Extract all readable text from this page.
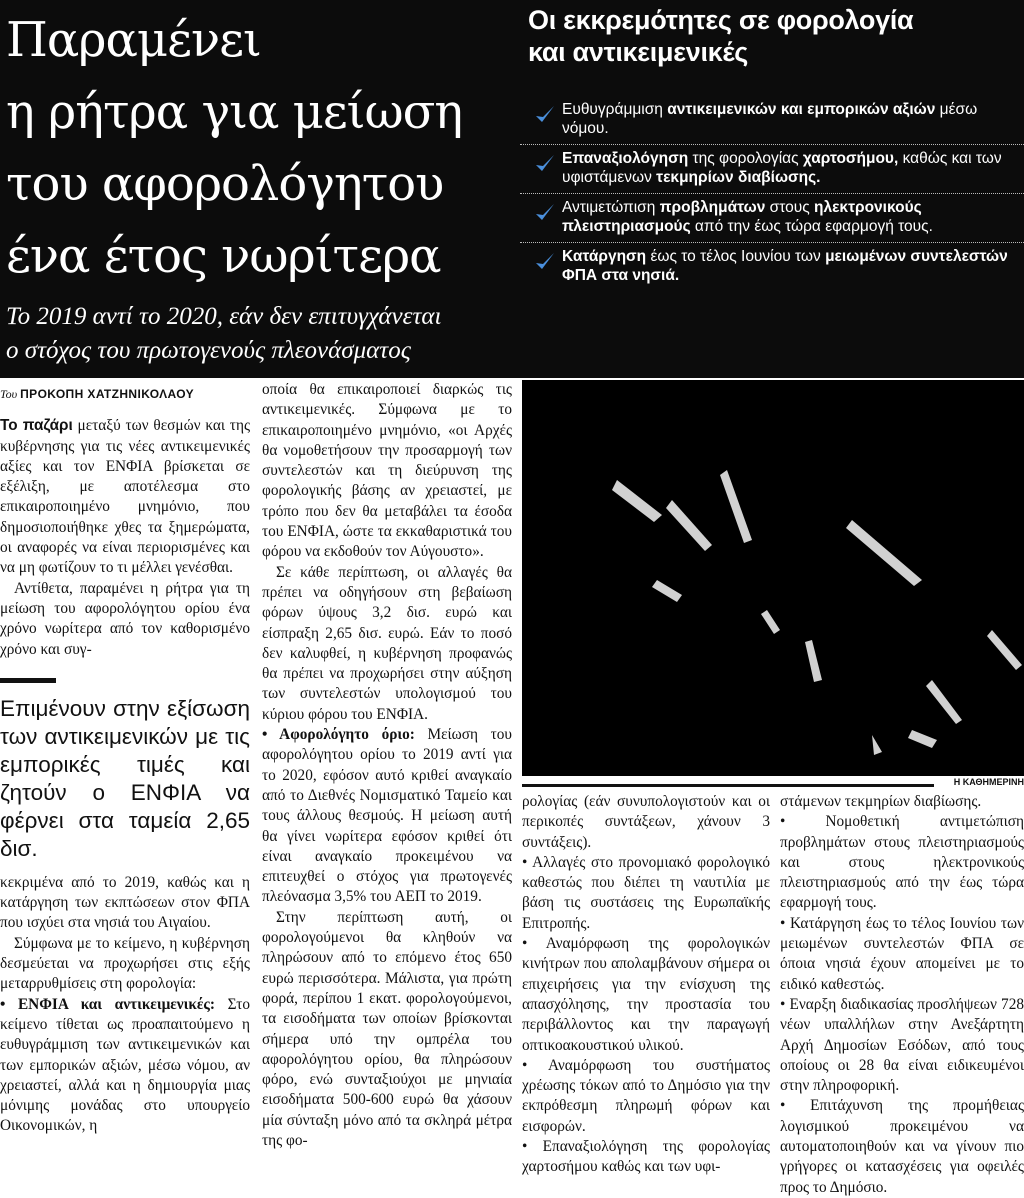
Παραμένει
η ρήτρα για μείωση
του αφορολόγητου
ένα έτος νωρίτερα
Το 2019 αντί το 2020, εάν δεν επιτυγχάνεται
ο στόχος του πρωτογενούς πλεονάσματος
Οι εκκρεμότητες σε φορολογία
και αντικειμενικές
Ευθυγράμμιση αντικειμενικών και εμπορικών αξιών μέσω νόμου.
Επαναξιολόγηση της φορολογίας χαρτοσήμου, καθώς και των υφιστάμενων τεκμηρίων διαβίωσης.
Αντιμετώπιση προβλημάτων στους ηλεκτρονικούς πλειστηριασμούς από την έως τώρα εφαρμογή τους.
Κατάργηση έως το τέλος Ιουνίου των μειωμένων συντελεστών ΦΠΑ στα νησιά.
Του ΠΡΟΚΟΠΗ ΧΑΤΖΗΝΙΚΟΛΑΟΥ

Το παζάρι μεταξύ των θεσμών και της κυβέρνησης για τις νέες αντικειμενικές αξίες και τον ΕΝΦΙΑ βρίσκεται σε εξέλιξη, με αποτέλεσμα στο επικαιροποιημένο μνημόνιο, που δημοσιοποιήθηκε χθες τα ξημερώματα, οι αναφορές να είναι περιορισμένες και να μη φωτίζουν το τι μέλλει γενέσθαι.

Αντίθετα, παραμένει η ρήτρα για τη μείωση του αφορολόγητου ορίου ένα χρόνο νωρίτερα από τον καθορισμένο χρόνο και συγ-

Επιμένουν στην εξίσωση των αντικειμενικών με τις εμπορικές τιμές και ζητούν ο ΕΝΦΙΑ να φέρνει στα ταμεία 2,65 δισ.

κεκριμένα από το 2019, καθώς και η κατάργηση των εκπτώσεων στον ΦΠΑ που ισχύει στα νησιά του Αιγαίου.

Σύμφωνα με το κείμενο, η κυβέρνηση δεσμεύεται να προχωρήσει στις εξής μεταρρυθμίσεις στη φορολογία:

• ΕΝΦΙΑ και αντικειμενικές: Στο κείμενο τίθεται ως προαπαιτούμενο η ευθυγράμμιση των αντικειμενικών και των εμπορικών αξιών, μέσω νόμου, αν χρειαστεί, αλλά και η δημιουργία μιας μόνιμης μονάδας στο υπουργείο Οικονομικών, η

οποία θα επικαιροποιεί διαρκώς τις αντικειμενικές. Σύμφωνα με το επικαιροποιημένο μνημόνιο, «οι Αρχές θα νομοθετήσουν την προσαρμογή των συντελεστών και τη διεύρυνση της φορολογικής βάσης αν χρειαστεί, με τρόπο που δεν θα μεταβάλει τα έσοδα του ΕΝΦΙΑ, ώστε τα εκκαθαριστικά του φόρου να εκδοθούν τον Αύγουστο».

Σε κάθε περίπτωση, οι αλλαγές θα πρέπει να οδηγήσουν στη βεβαίωση φόρων ύψους 3,2 δισ. ευρώ και είσπραξη 2,65 δισ. ευρώ. Εάν το ποσό δεν καλυφθεί, η κυβέρνηση προφανώς θα πρέπει να προχωρήσει στην αύξηση των συντελεστών υπολογισμού του κύριου φόρου του ΕΝΦΙΑ.

• Αφορολόγητο όριο: Μείωση του αφορολόγητου ορίου το 2019 αντί για το 2020, εφόσον αυτό κριθεί αναγκαίο από το Διεθνές Νομισματικό Ταμείο και τους άλλους θεσμούς. Η μείωση αυτή θα γίνει νωρίτερα εφόσον κριθεί ότι είναι αναγκαίο προκειμένου να επιτευχθεί ο στόχος για πρωτογενές πλεόνασμα 3,5% του ΑΕΠ το 2019.

Στην περίπτωση αυτή, οι φορολογούμενοι θα κληθούν να πληρώσουν από το επόμενο έτος 650 ευρώ περισσότερα. Μάλιστα, για πρώτη φορά, περίπου 1 εκατ. φορολογούμενοι, τα εισοδήματα των οποίων βρίσκονται σήμερα υπό την ομπρέλα του αφορολόγητου ορίου, θα πληρώσουν φόρο, ενώ συνταξιούχοι με μηνιαία εισοδήματα 500-600 ευρώ θα χάσουν μία σύνταξη μόνο από τα σκληρά μέτρα της φο-

ρολογίας (εάν συνυπολογιστούν και οι περικοπές συντάξεων, χάνουν 3 συντάξεις).

• Αλλαγές στο προνομιακό φορολογικό καθεστώς που διέπει τη ναυτιλία με βάση τις συστάσεις της Ευρωπαϊκής Επιτροπής.

• Αναμόρφωση της φορολογικών κινήτρων που απολαμβάνουν σήμερα οι επιχειρήσεις για την ενίσχυση της απασχόλησης, την προστασία του περιβάλλοντος και την παραγωγή οπτικοακουστικού υλικού.

• Αναμόρφωση του συστήματος χρέωσης τόκων από το Δημόσιο για την εκπρόθεσμη πληρωμή φόρων και εισφορών.

• Επαναξιολόγηση της φορολογίας χαρτοσήμου καθώς και των υφι-

στάμενων τεκμηρίων διαβίωσης.

• Νομοθετική αντιμετώπιση προβλημάτων στους πλειστηριασμούς και στους ηλεκτρονικούς πλειστηριασμούς από την έως τώρα εφαρμογή τους.

• Κατάργηση έως το τέλος Ιουνίου των μειωμένων συντελεστών ΦΠΑ σε όποια νησιά έχουν απομείνει με το ειδικό καθεστώς.

• Εναρξη διαδικασίας προσλήψεων 728 νέων υπαλλήλων στην Ανεξάρτητη Αρχή Δημοσίων Εσόδων, από τους οποίους οι 28 θα είναι ειδικευμένοι στην πληροφορική.

• Επιτάχυνση της προμήθειας λογισμικού προκειμένου να αυτοματοποιηθούν και να γίνουν πιο γρήγορες οι κατασχέσεις για οφειλές προς το Δημόσιο.

Η ΚΑΘΗΜΕΡΙΝΗ
